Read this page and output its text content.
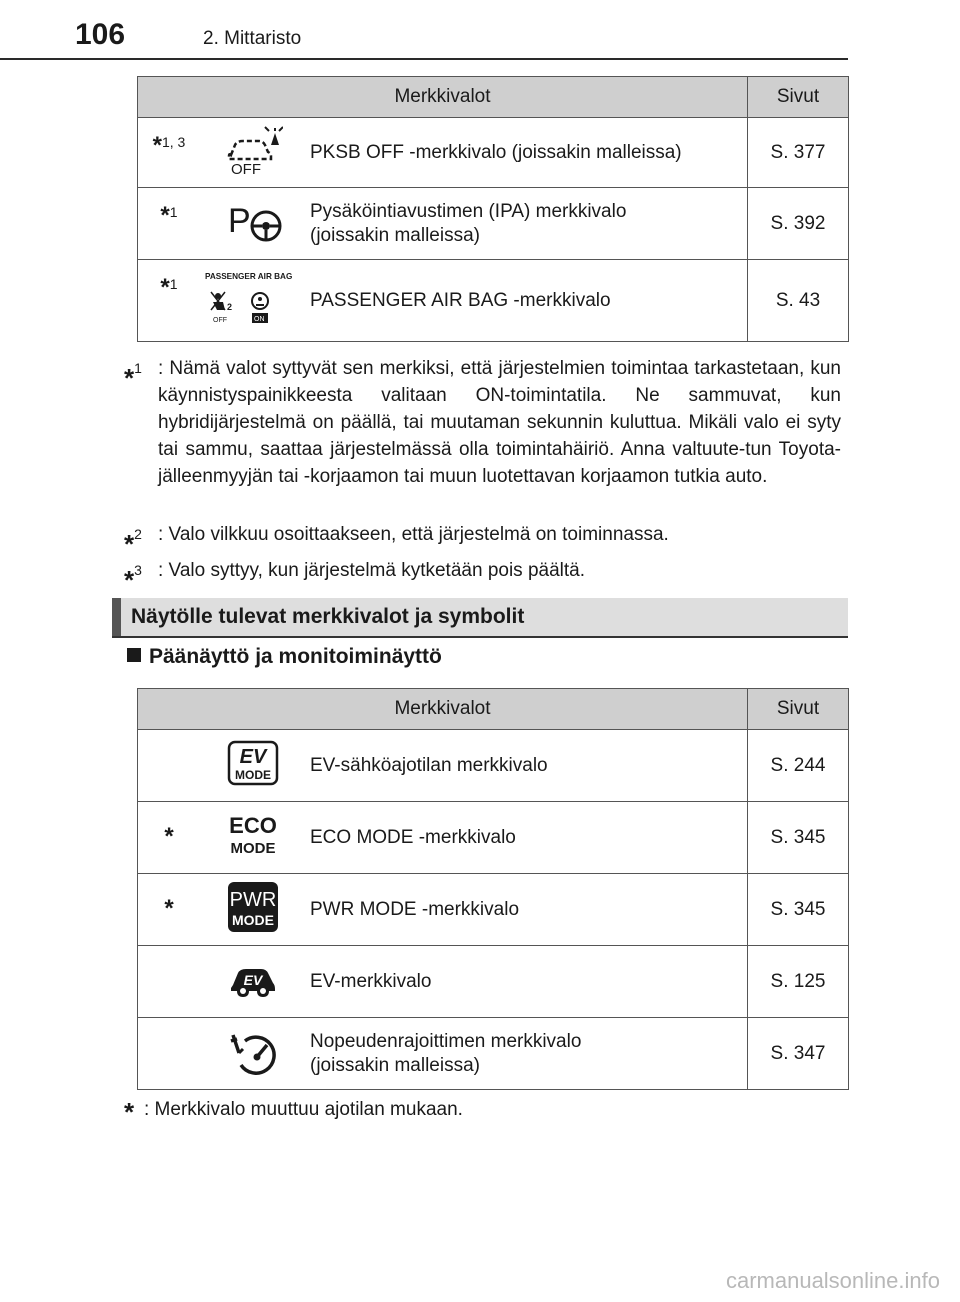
106	2. Mittaristo
Merkkivalot			Sivut
*$^{1, 3}$	OFF	PKSB OFF -merkkivalo (joissakin malleissa)	S. 377
*$^1$	P	Pysäköintiavustimen (IPA) merkkivalo
(joissakin malleissa)	S. 392
*$^1$	PASSENGER AIR BAG
2
OFF ON	PASSENGER AIR BAG -merkkivalo	S. 43
*$^1$ : Nämä valot syttyvät sen merkiksi, että järjestelmien toimintaa tarkastetaan, kun käynnistyspainikkeesta valitaan ON-toimintatila. Ne sammuvat, kun hybridijärjestelmä on päällä, tai muutaman sekunnin kuluttua. Mikäli valo ei syty tai sammu, saattaa järjestelmässä olla toimintahäiriö. Anna valtuute-tun Toyota-jälleenmyyjän tai -korjaamon tai muun luotettavan korjaamon tutkia auto.
*$^2$ : Valo vilkkuu osoittaakseen, että järjestelmä on toiminnassa.
*$^3$ : Valo syttyy, kun järjestelmä kytketään pois päältä.
Näytölle tulevat merkkivalot ja symbolit
Päänäyttö ja monitoiminäyttö
Merkkivalot			Sivut

EV
MODE	EV-sähköajotilan merkkivalo	S. 244
*	ECO
MODE	ECO MODE -merkkivalo	S. 345
*	PWR
MODE	PWR MODE -merkkivalo	S. 345

EV	EV-merkkivalo	S. 125
		Nopeudenrajoittimen merkkivalo
(joissakin malleissa)	S. 347
* : Merkkivalo muuttuu ajotilan mukaan.
carmanualsonline.info
